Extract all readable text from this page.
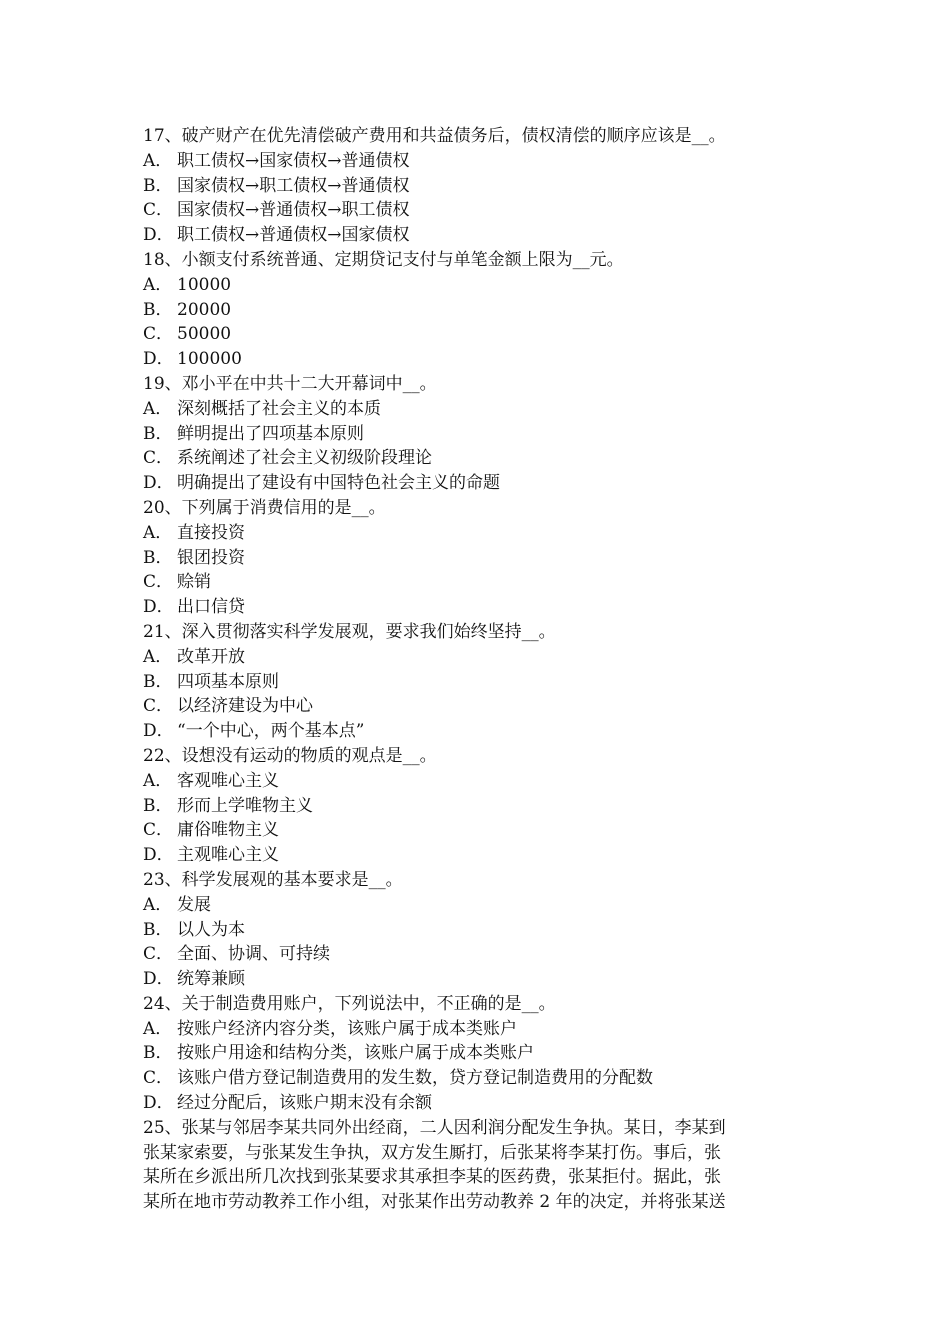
17、破产财产在优先清偿破产费用和共益债务后，债权清偿的顺序应该是__。
A． 职工债权→国家债权→普通债权
B． 国家债权→职工债权→普通债权
C． 国家债权→普通债权→职工债权
D． 职工债权→普通债权→国家债权
18、小额支付系统普通、定期贷记支付与单笔金额上限为__元。
A． 10000
B． 20000
C． 50000
D． 100000
19、邓小平在中共十二大开幕词中__。
A． 深刻概括了社会主义的本质
B． 鲜明提出了四项基本原则
C． 系统阐述了社会主义初级阶段理论
D． 明确提出了建设有中国特色社会主义的命题
20、下列属于消费信用的是__。
A． 直接投资
B． 银团投资
C． 赊销
D． 出口信贷
21、深入贯彻落实科学发展观，要求我们始终坚持__。
A． 改革开放
B． 四项基本原则
C． 以经济建设为中心
D． “一个中心，两个基本点”
22、设想没有运动的物质的观点是__。
A． 客观唯心主义
B． 形而上学唯物主义
C． 庸俗唯物主义
D． 主观唯心主义
23、科学发展观的基本要求是__。
A． 发展
B． 以人为本
C． 全面、协调、可持续
D． 统筹兼顾
24、关于制造费用账户，下列说法中，不正确的是__。
A． 按账户经济内容分类，该账户属于成本类账户
B． 按账户用途和结构分类，该账户属于成本类账户
C． 该账户借方登记制造费用的发生数，贷方登记制造费用的分配数
D． 经过分配后，该账户期末没有余额
25、张某与邻居李某共同外出经商，二人因利润分配发生争执。某日，李某到
张某家索要，与张某发生争执，双方发生厮打，后张某将李某打伤。事后，张
某所在乡派出所几次找到张某要求其承担李某的医药费，张某拒付。据此，张
某所在地市劳动教养工作小组，对张某作出劳动教养 2 年的决定，并将张某送
